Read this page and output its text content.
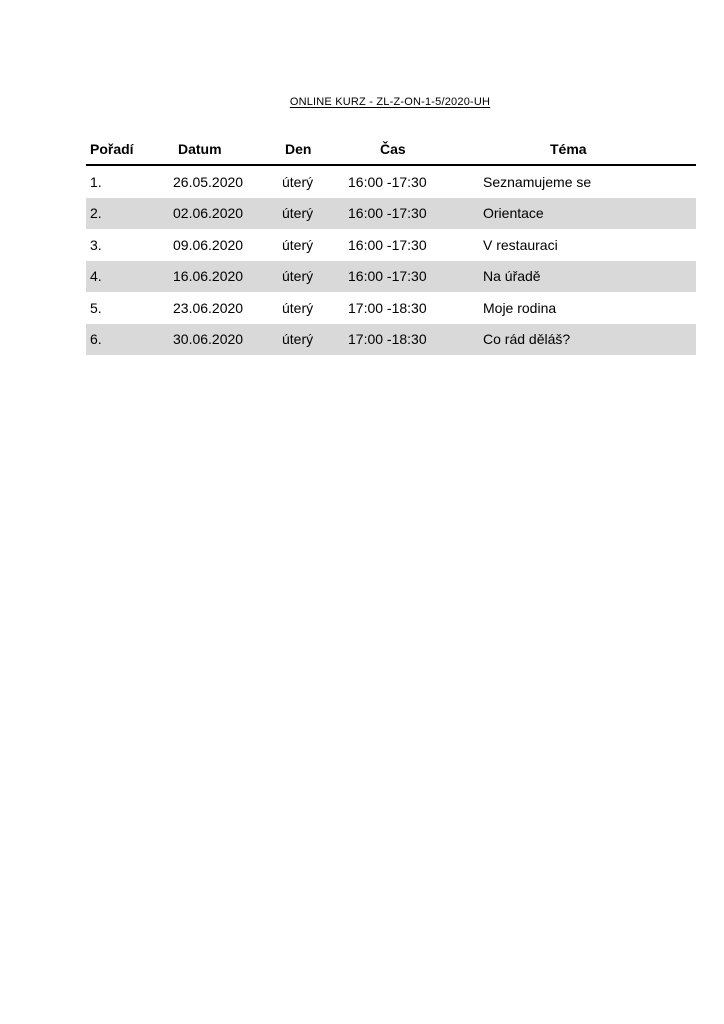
ONLINE KURZ - ZL-Z-ON-1-5/2020-UH
Pořadí	Datum	Den	Čas	Téma
1.	26.05.2020	úterý	16:00 -17:30	Seznamujeme se
2.	02.06.2020	úterý	16:00 -17:30	Orientace
3.	09.06.2020	úterý	16:00 -17:30	V restauraci
4.	16.06.2020	úterý	16:00 -17:30	Na úřadě
5.	23.06.2020	úterý	17:00 -18:30	Moje rodina
6.	30.06.2020	úterý	17:00 -18:30	Co rád děláš?
